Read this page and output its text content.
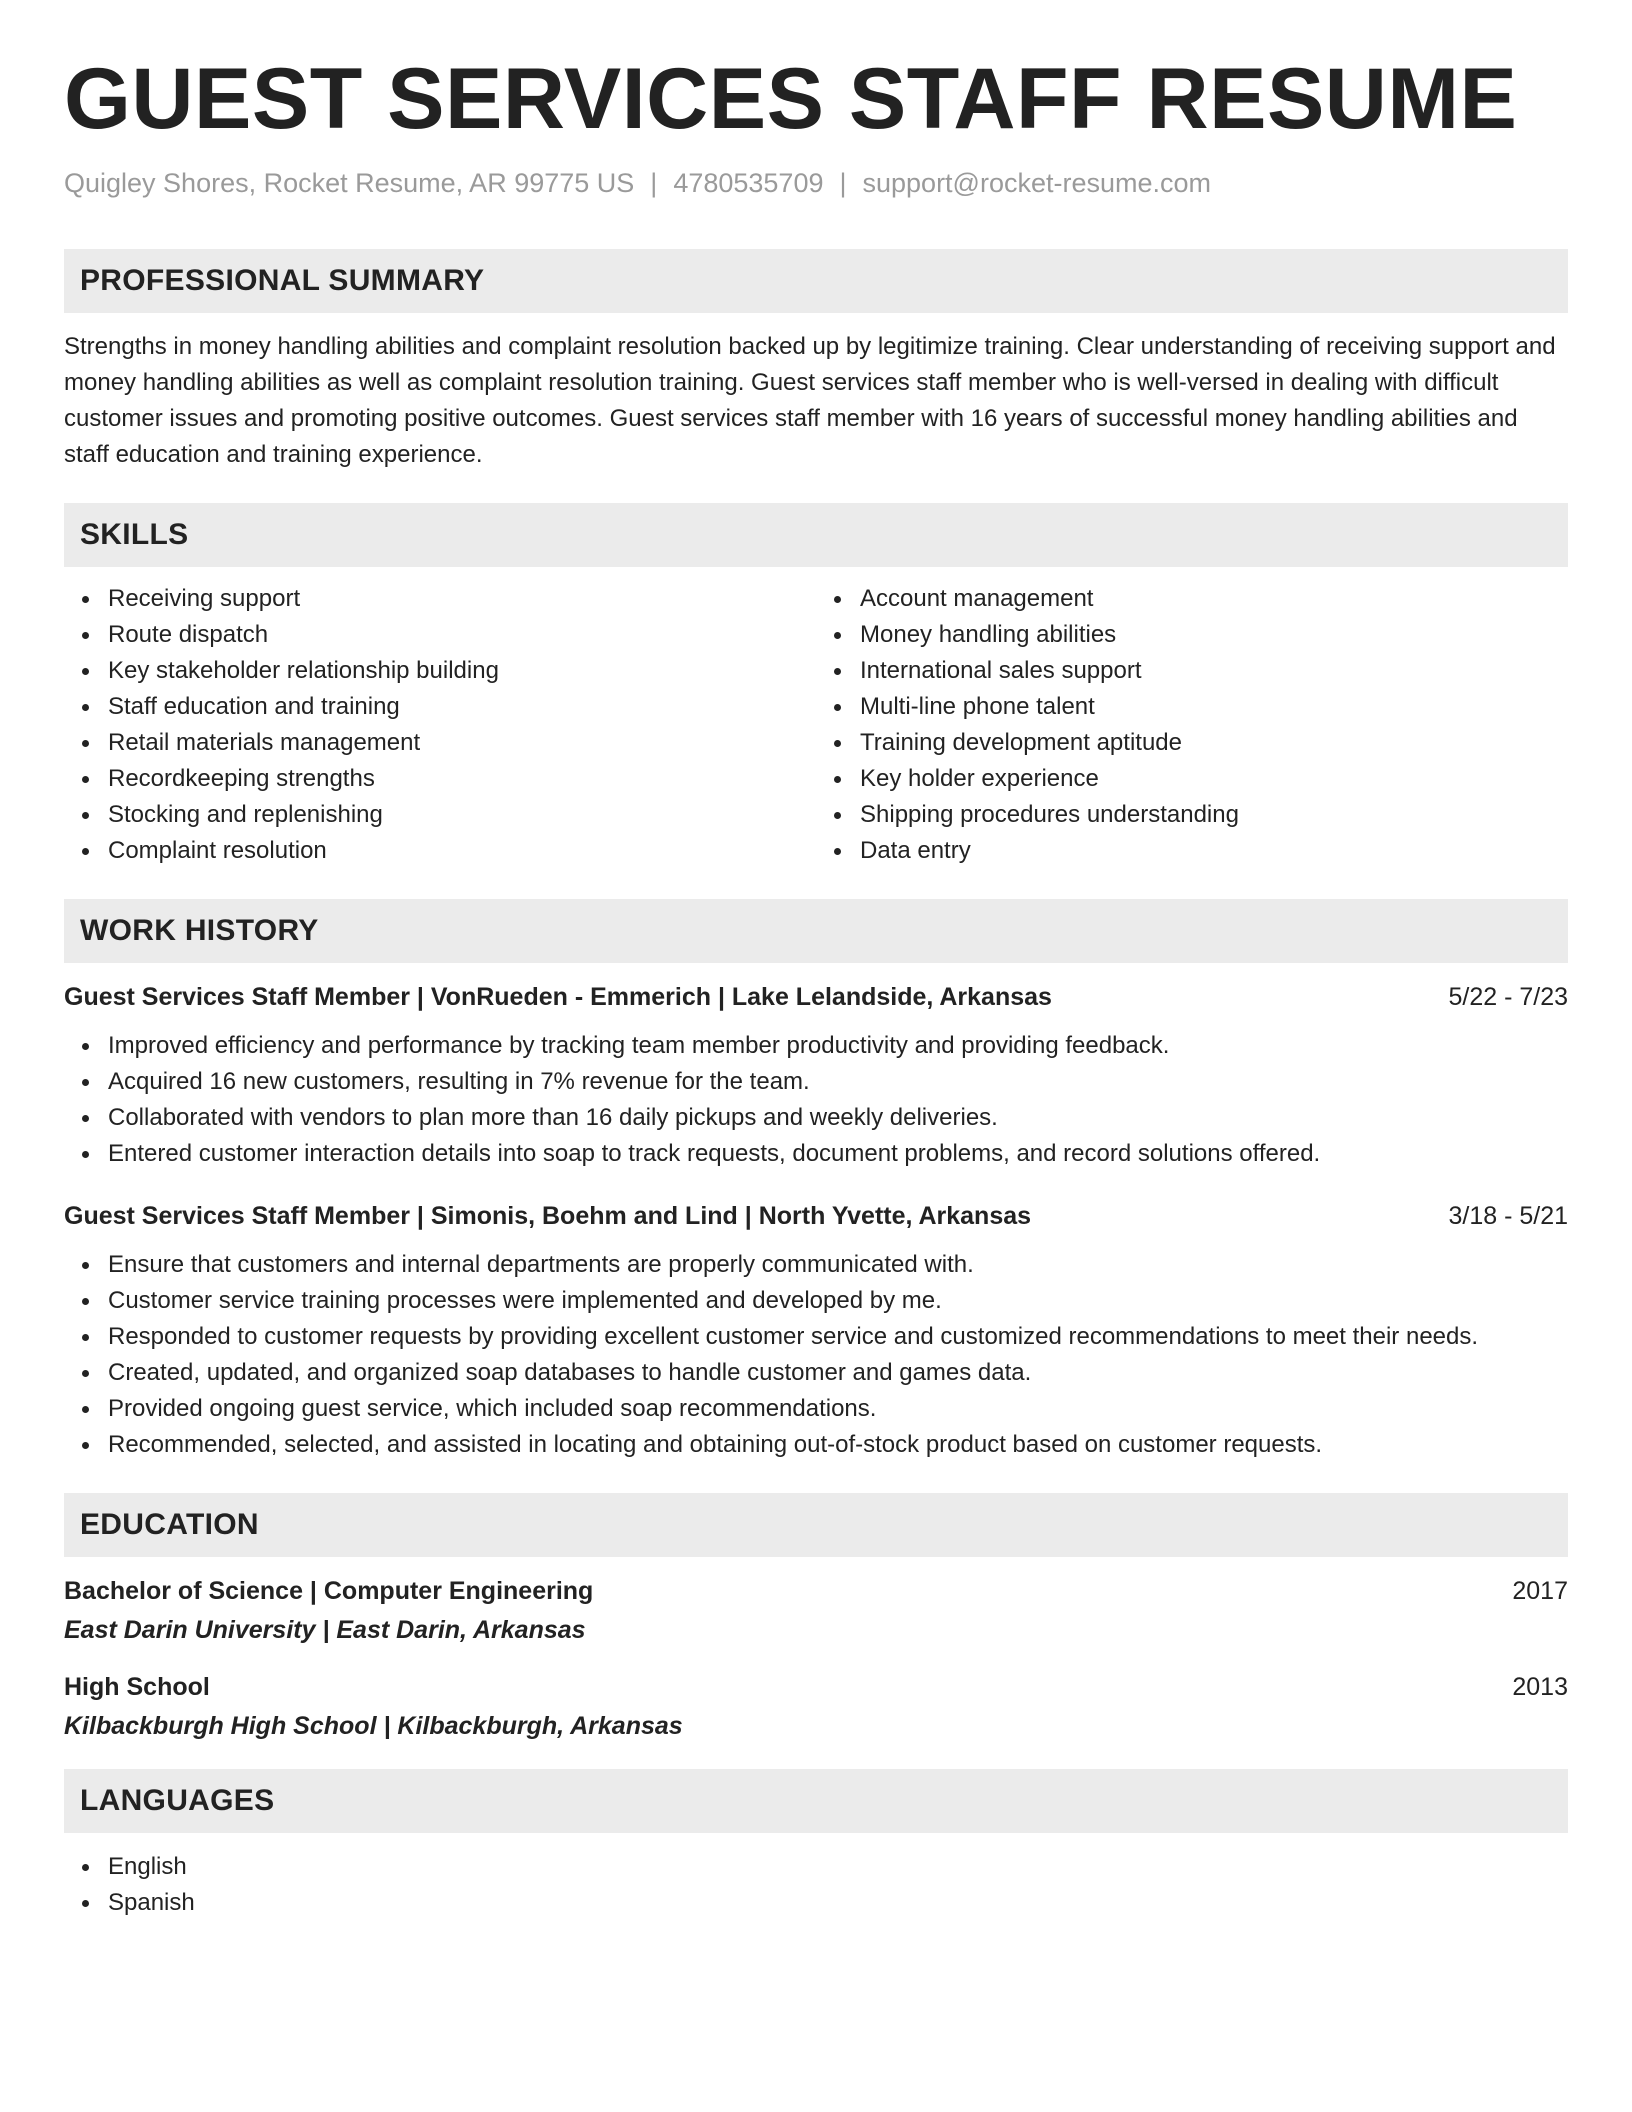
GUEST SERVICES STAFF RESUME
Quigley Shores, Rocket Resume, AR 99775 US | 4780535709 | support@rocket-resume.com
PROFESSIONAL SUMMARY

Strengths in money handling abilities and complaint resolution backed up by legitimize training. Clear understanding of receiving support and money handling abilities as well as complaint resolution training. Guest services staff member who is well-versed in dealing with difficult customer issues and promoting positive outcomes. Guest services staff member with 16 years of successful money handling abilities and staff education and training experience.

SKILLS
Receiving support
Route dispatch
Key stakeholder relationship building
Staff education and training
Retail materials management
Recordkeeping strengths
Stocking and replenishing
Complaint resolution
Account management
Money handling abilities
International sales support
Multi-line phone talent
Training development aptitude
Key holder experience
Shipping procedures understanding
Data entry
WORK HISTORY
Guest Services Staff Member | VonRueden - Emmerich | Lake Lelandside, Arkansas	5/22 - 7/23
Improved efficiency and performance by tracking team member productivity and providing feedback.
Acquired 16 new customers, resulting in 7% revenue for the team.
Collaborated with vendors to plan more than 16 daily pickups and weekly deliveries.
Entered customer interaction details into soap to track requests, document problems, and record solutions offered.
Guest Services Staff Member | Simonis, Boehm and Lind | North Yvette, Arkansas	3/18 - 5/21
Ensure that customers and internal departments are properly communicated with.
Customer service training processes were implemented and developed by me.
Responded to customer requests by providing excellent customer service and customized recommendations to meet their needs.
Created, updated, and organized soap databases to handle customer and games data.
Provided ongoing guest service, which included soap recommendations.
Recommended, selected, and assisted in locating and obtaining out-of-stock product based on customer requests.
EDUCATION
Bachelor of Science | Computer Engineering	2017
East Darin University | East Darin, Arkansas
High School	2013
Kilbackburgh High School | Kilbackburgh, Arkansas
LANGUAGES
English
Spanish
